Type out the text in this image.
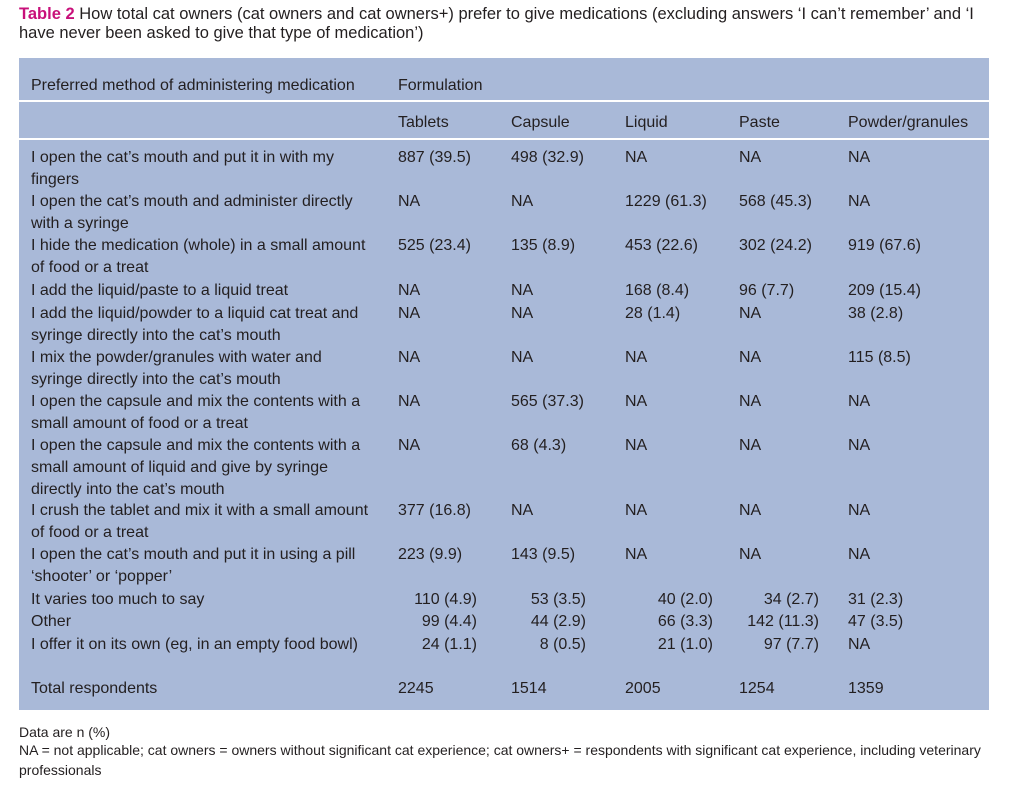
Table 2 How total cat owners (cat owners and cat owners+) prefer to give medications (excluding answers ‘I can’t remember’ and ‘I have never been asked to give that type of medication’)
Preferred method of administering medication	Formulation
Tablets	Capsule	Liquid	Paste	Powder/granules
I open the cat’s mouth and put it in with my fingers
887 (39.5)	498 (32.9)	NA	NA	NA
I open the cat’s mouth and administer directly with a syringe
NA	NA	1229 (61.3) 568 (45.3) NA
I hide the medication (whole) in a small amount of food or a treat
525 (23.4)	135 (8.9)	453 (22.6)	302 (24.2) 919 (67.6)
I add the liquid/paste to a liquid treat	NA	NA	168 (8.4)	96 (7.7)	209 (15.4)
I add the liquid/powder to a liquid cat treat and syringe directly into the cat’s mouth
NA	NA	28 (1.4)	NA	38 (2.8)
I mix the powder/granules with water and syringe directly into the cat’s mouth
NA	NA	NA	NA	115 (8.5)
I open the capsule and mix the contents with a small amount of food or a treat
NA	565 (37.3)	NA	NA	NA
I open the capsule and mix the contents with a small amount of liquid and give by syringe directly into the cat’s mouth
NA	68 (4.3)	NA	NA	NA
I crush the tablet and mix it with a small amount of food or a treat
377 (16.8)	NA	NA	NA	NA
I open the cat’s mouth and put it in using a pill ‘shooter’ or ‘popper’
223 (9.9)	143 (9.5)	NA	NA	NA
It varies too much to say	110 (4.9)	53 (3.5)	40 (2.0)	34 (2.7) 31 (2.3)
Other	99 (4.4)	44 (2.9)	66 (3.3)	142 (11.3) 47 (3.5)
I offer it on its own (eg, in an empty food bowl)	24 (1.1)	8 (0.5)	21 (1.0)	97 (7.7) NA
Total respondents	2245	1514	2005	1254	1359
Data are n (%)
NA = not applicable; cat owners = owners without significant cat experience; cat owners+ = respondents with significant cat experience, including veterinary professionals
